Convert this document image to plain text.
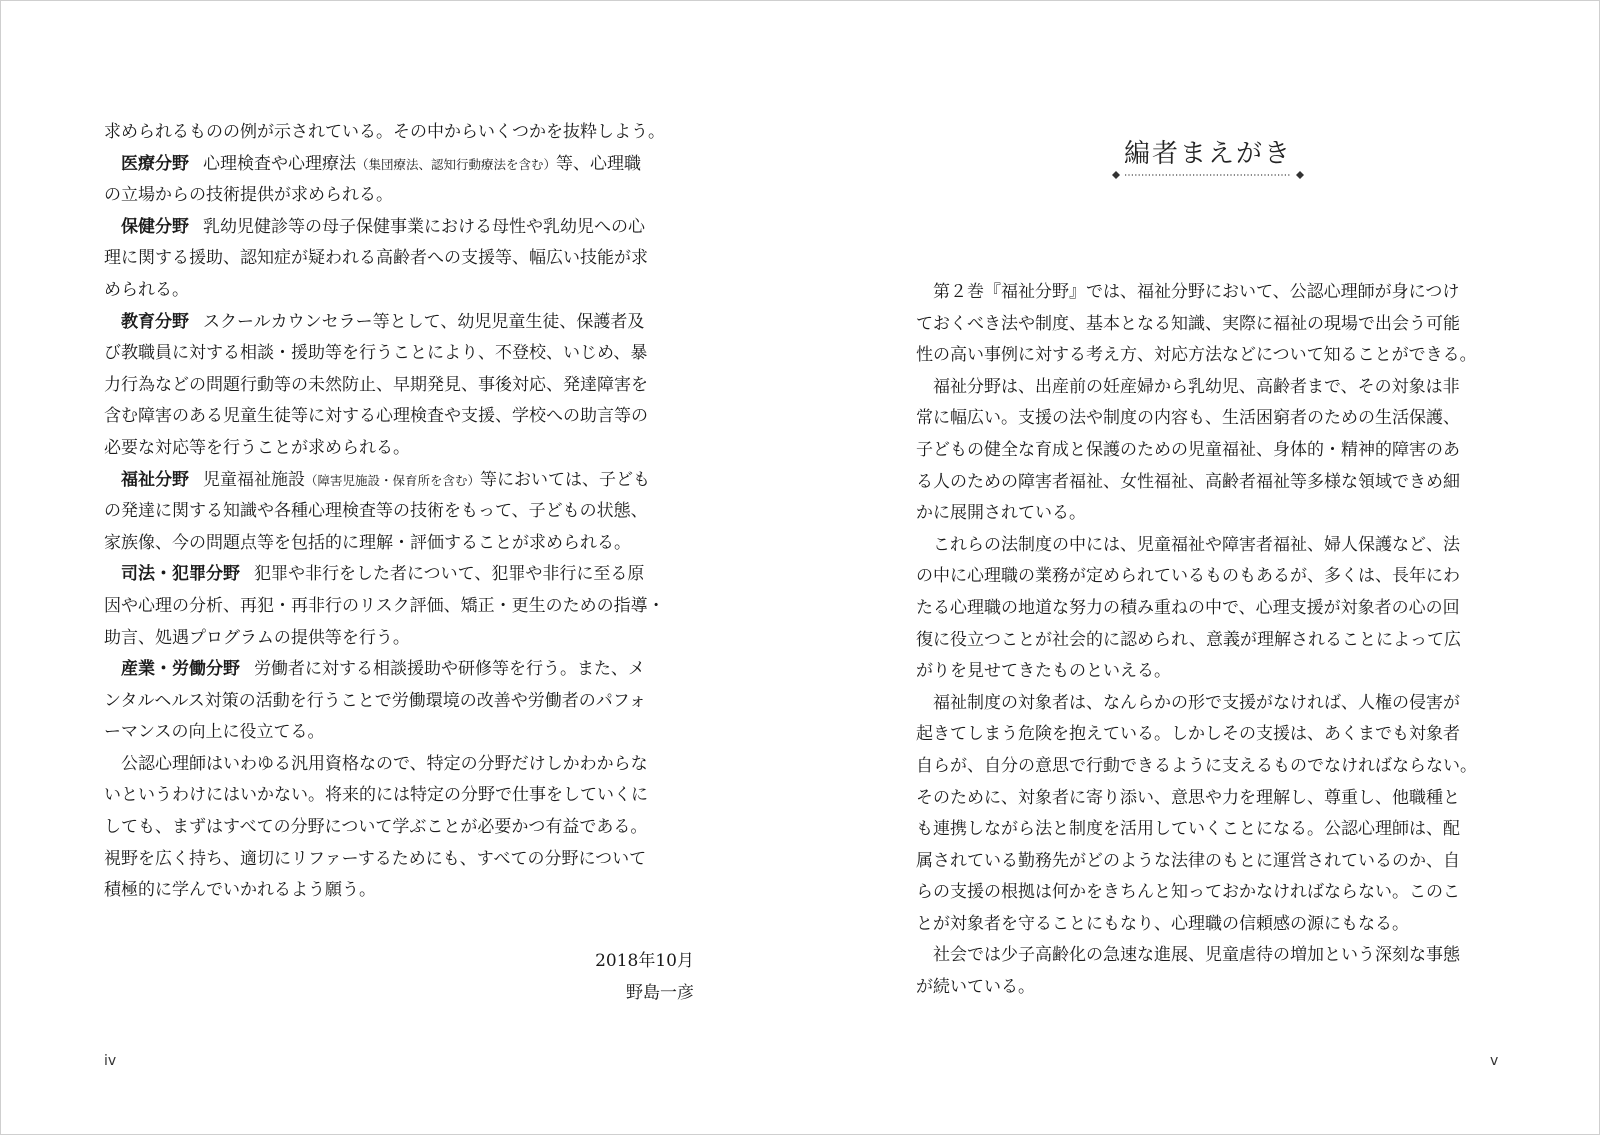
求められるものの例が示されている。その中からいくつかを抜粋しよう。
　医療分野 心理検査や心理療法（集団療法、認知行動療法を含む）等、心理職
の立場からの技術提供が求められる。
　保健分野 乳幼児健診等の母子保健事業における母性や乳幼児への心
理に関する援助、認知症が疑われる高齢者への支援等、幅広い技能が求
められる。
　教育分野 スクールカウンセラー等として、幼児児童生徒、保護者及
び教職員に対する相談・援助等を行うことにより、不登校、いじめ、暴
力行為などの問題行動等の未然防止、早期発見、事後対応、発達障害を
含む障害のある児童生徒等に対する心理検査や支援、学校への助言等の
必要な対応等を行うことが求められる。
　福祉分野 児童福祉施設（障害児施設・保育所を含む）等においては、子ども
の発達に関する知識や各種心理検査等の技術をもって、子どもの状態、
家族像、今の問題点等を包括的に理解・評価することが求められる。
　司法・犯罪分野 犯罪や非行をした者について、犯罪や非行に至る原
因や心理の分析、再犯・再非行のリスク評価、矯正・更生のための指導・
助言、処遇プログラムの提供等を行う。
　産業・労働分野 労働者に対する相談援助や研修等を行う。また、メ
ンタルヘルス対策の活動を行うことで労働環境の改善や労働者のパフォ
ーマンスの向上に役立てる。
　公認心理師はいわゆる汎用資格なので、特定の分野だけしかわからな
いというわけにはいかない。将来的には特定の分野で仕事をしていくに
しても、まずはすべての分野について学ぶことが必要かつ有益である。
視野を広く持ち、適切にリファーするためにも、すべての分野について
積極的に学んでいかれるよう願う。
2018年10月
野島一彦
iv
編者まえがき
　第２巻『福祉分野』では、福祉分野において、公認心理師が身につけ
ておくべき法や制度、基本となる知識、実際に福祉の現場で出会う可能
性の高い事例に対する考え方、対応方法などについて知ることができる。
　福祉分野は、出産前の妊産婦から乳幼児、高齢者まで、その対象は非
常に幅広い。支援の法や制度の内容も、生活困窮者のための生活保護、
子どもの健全な育成と保護のための児童福祉、身体的・精神的障害のあ
る人のための障害者福祉、女性福祉、高齢者福祉等多様な領域できめ細
かに展開されている。
　これらの法制度の中には、児童福祉や障害者福祉、婦人保護など、法
の中に心理職の業務が定められているものもあるが、多くは、長年にわ
たる心理職の地道な努力の積み重ねの中で、心理支援が対象者の心の回
復に役立つことが社会的に認められ、意義が理解されることによって広
がりを見せてきたものといえる。
　福祉制度の対象者は、なんらかの形で支援がなければ、人権の侵害が
起きてしまう危険を抱えている。しかしその支援は、あくまでも対象者
自らが、自分の意思で行動できるように支えるものでなければならない。
そのために、対象者に寄り添い、意思や力を理解し、尊重し、他職種と
も連携しながら法と制度を活用していくことになる。公認心理師は、配
属されている勤務先がどのような法律のもとに運営されているのか、自
らの支援の根拠は何かをきちんと知っておかなければならない。このこ
とが対象者を守ることにもなり、心理職の信頼感の源にもなる。
　社会では少子高齢化の急速な進展、児童虐待の増加という深刻な事態
が続いている。
v
